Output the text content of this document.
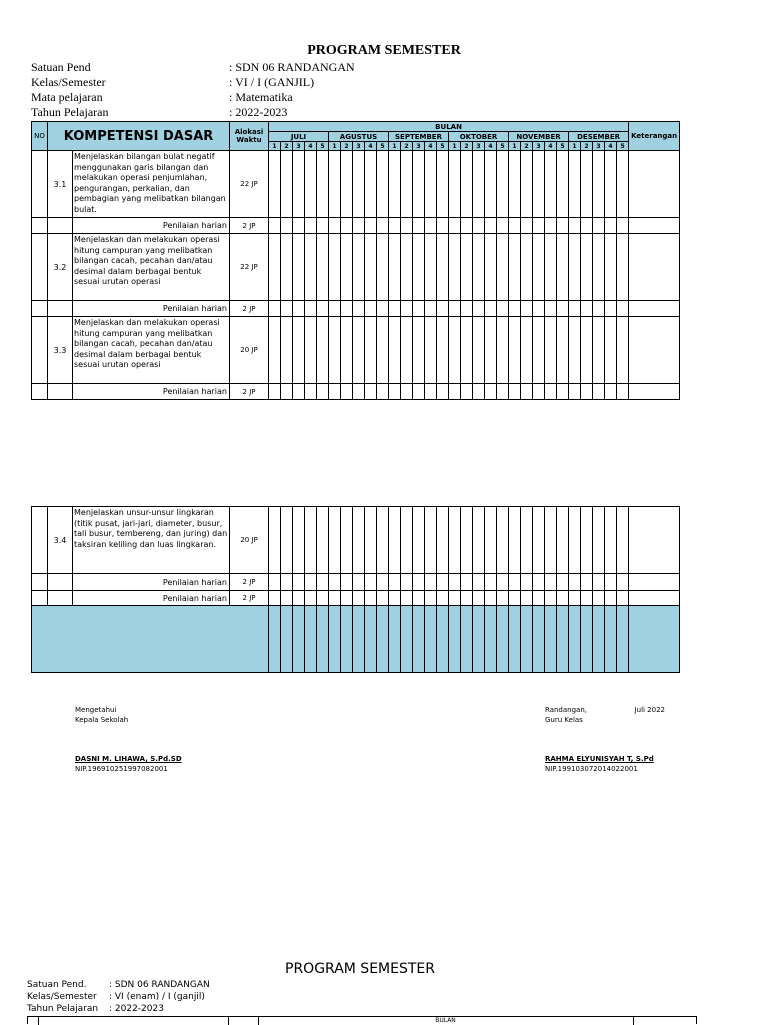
PROGRAM SEMESTER
Satuan Pend	: SDN 06 RANDANGAN
Kelas/Semester	: VI / I (GANJIL)
Mata pelajaran	: Matematika
Tahun Pelajaran	: 2022-2023
NO	KOMPETENSI DASAR		Alokasi Waktu	BULAN																														Keterangan
				JULI					AGUSTUS					SEPTEMBER					OKTOBER					NOVEMBER					DESEMBER					
				1	2	3	4	5	1	2	3	4	5	1	2	3	4	5	1	2	3	4	5	1	2	3	4	5	1	2	3	4	5	
	3.1	Menjelaskan bilangan bulat negatif menggunakan garis bilangan dan melakukan operasi penjumlahan, pengurangan, perkalian, dan pembagian yang melibatkan bilangan bulat.	22 JP																															
		Penilaian harian	2 JP																															
	3.2	Menjelaskan dan melakukan operasi hitung campuran yang melibatkan bilangan cacah, pecahan dan/atau desimal dalam berbagai bentuk sesuai urutan operasi	22 JP																															
		Penilaian harian	2 JP																															
	3.3	Menjelaskan dan melakukan operasi hitung campuran yang melibatkan bilangan cacah, pecahan dan/atau desimal dalam berbagai bentuk sesuai urutan operasi	20 JP																															
		Penilaian harian	2 JP																															
	3.4	Menjelaskan unsur-unsur lingkaran (titik pusat, jari-jari, diameter, busur, tali busur, tembereng, dan juring) dan taksiran keliling dan luas lingkaran.	20 JP																															
		Penilaian harian	2 JP																															
		Penilaian harian	2 JP																															

Mengetahui
Kepala Sekolah
DASNI M. LIHAWA, S.Pd.SD
NIP.196910251997082001
Randangan,	Juli 2022
Guru Kelas
RAHMA ELYUNISYAH T, S.Pd
NIP.199103072014022001
PROGRAM SEMESTER
Satuan Pend.	: SDN 06 RANDANGAN
Kelas/Semester	: VI (enam) / I (ganjil)
Tahun Pelajaran	: 2022-2023
BULAN
